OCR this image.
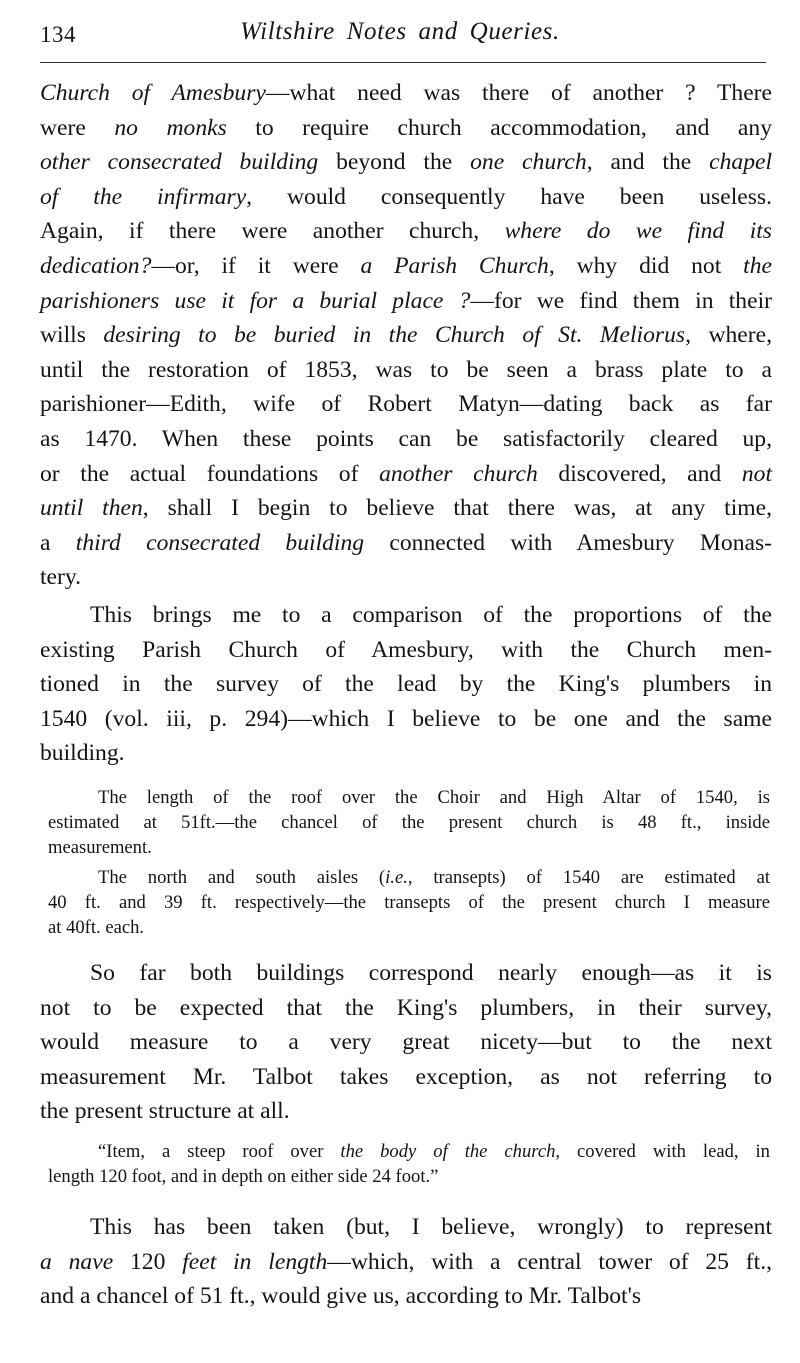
134	Wiltshire Notes and Queries.
Church of Amesbury—what need was there of another ? There
were no monks to require church accommodation, and any
other consecrated building beyond the one church, and the chapel
of the infirmary, would consequently have been useless.
Again, if there were another church, where do we find its
dedication?—or, if it were a Parish Church, why did not the
parishioners use it for a burial place ?—for we find them in their
wills desiring to be buried in the Church of St. Meliorus, where,
until the restoration of 1853, was to be seen a brass plate to a
parishioner—Edith, wife of Robert Matyn—dating back as far
as 1470. When these points can be satisfactorily cleared up,
or the actual foundations of another church discovered, and not
until then, shall I begin to believe that there was, at any time,
a third consecrated building connected with Amesbury Monas-
tery.
This brings me to a comparison of the proportions of the
existing Parish Church of Amesbury, with the Church men-
tioned in the survey of the lead by the King's plumbers in
1540 (vol. iii, p. 294)—which I believe to be one and the same
building.
The length of the roof over the Choir and High Altar of 1540, is
estimated at 51ft.—the chancel of the present church is 48 ft., inside
measurement.
The north and south aisles (i.e., transepts) of 1540 are estimated at
40 ft. and 39 ft. respectively—the transepts of the present church I measure
at 40ft. each.
So far both buildings correspond nearly enough—as it is
not to be expected that the King's plumbers, in their survey,
would measure to a very great nicety—but to the next
measurement Mr. Talbot takes exception, as not referring to
the present structure at all.
“Item, a steep roof over the body of the church, covered with lead, in
length 120 foot, and in depth on either side 24 foot.”
This has been taken (but, I believe, wrongly) to represent
a nave 120 feet in length—which, with a central tower of 25 ft.,
and a chancel of 51 ft., would give us, according to Mr. Talbot's
